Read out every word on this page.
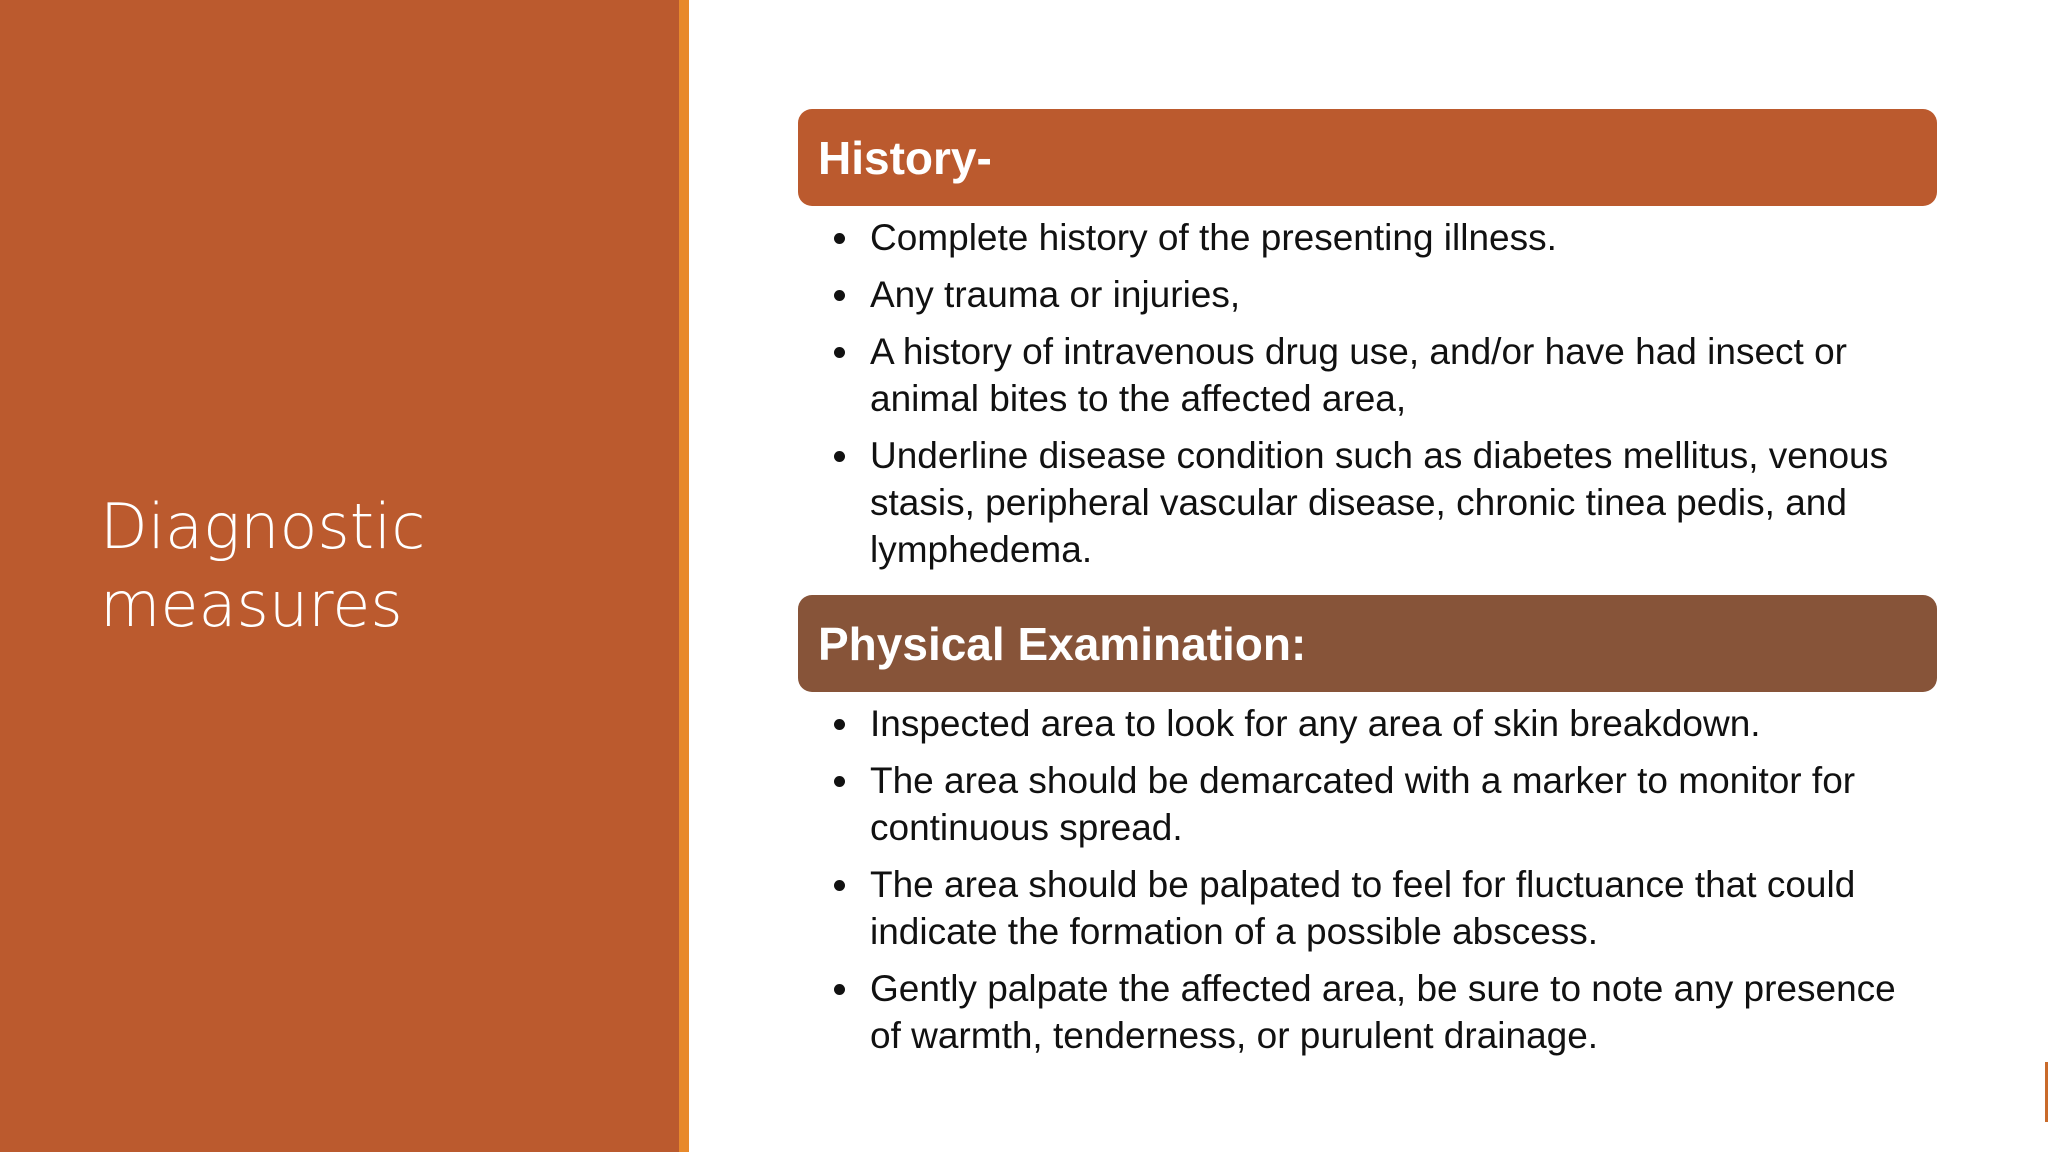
Diagnostic
measures
History-
Complete history of the presenting illness.
Any trauma or injuries,
A history of intravenous drug use, and/or have had insect or animal bites to the affected area,
Underline disease condition such as diabetes mellitus, venous stasis, peripheral vascular disease, chronic tinea pedis, and lymphedema.
Physical Examination:
Inspected area to look for any area of skin breakdown.
The area should be demarcated with a marker to monitor for continuous spread.
The area should be palpated to feel for fluctuance that could indicate the formation of a possible abscess.
Gently palpate the affected area, be sure to note any presence of warmth, tenderness, or purulent drainage.
